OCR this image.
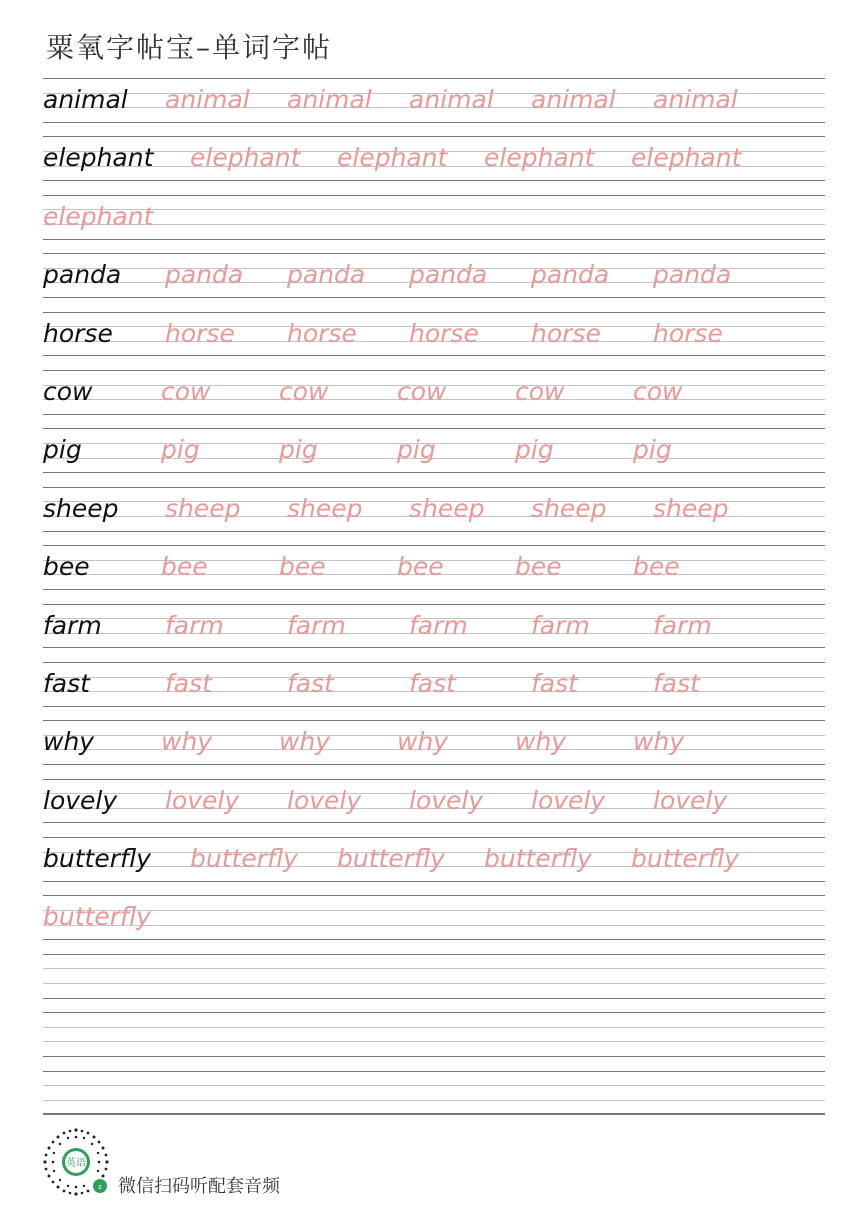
粟氧字帖宝–单词字帖
animal animal animal animal animal animal
elephant elephant elephant elephant elephant
elephant
panda panda panda panda panda panda
horse horse horse horse horse horse
cow	cow	cow	cow	cow	cow
pig	pig	pig	pig	pig	pig
sheep sheep sheep sheep sheep sheep
bee	bee	bee	bee	bee	bee
farm	farm	farm	farm	farm	farm
fast	fast	fast	fast	fast	fast
why	why	why	why	why	why
lovely lovely lovely lovely lovely lovely
butterfly butterfly butterfly butterfly butterfly
butterfly
英语
z 微信扫码听配套音频
